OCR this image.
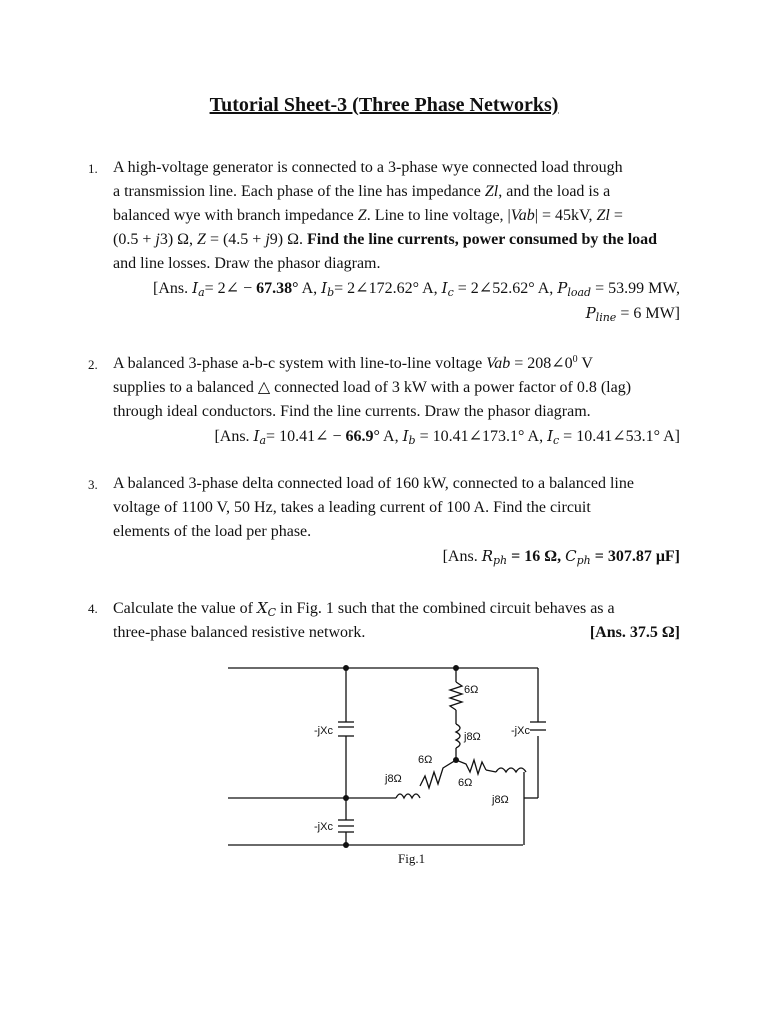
Tutorial Sheet-3 (Three Phase Networks)
1. A high-voltage generator is connected to a 3-phase wye connected load through
a transmission line. Each phase of the line has impedance Zl, and the load is a
balanced wye with branch impedance Z. Line to line voltage, |Vab| = 45kV, Zl =
(0.5 + j3) Ω, Z = (4.5 + j9) Ω. Find the line currents, power consumed by the load
and line losses. Draw the phasor diagram.
[Ans. $I_a=$ 2∠ − 67.38° A, $I_b=$ 2∠172.62° A, $I_c$ = 2∠52.62° A, $P_{load} = 53.99$ MW,
$P_{line} = 6$ MW]
2. A balanced 3-phase a-b-c system with line-to-line voltage Vab = $208\angle 0^0$ V
supplies to a balanced △ connected load of 3 kW with a power factor of 0.8 (lag)
through ideal conductors. Find the line currents. Draw the phasor diagram.
[Ans. $I_a=$ 10.41∠ − 66.9° A, $I_b$ = 10.41∠173.1° A, $I_c$ = 10.41∠53.1° A]
3. A balanced 3-phase delta connected load of 160 kW, connected to a balanced line
voltage of 1100 V, 50 Hz, takes a leading current of 100 A. Find the circuit
elements of the load per phase.
[Ans. $R_{ph} = 16$ Ω, $C_{ph} = 307.87$ μF]
4. Calculate the value of $X_C$ in Fig. 1 such that the combined circuit behaves as a
three-phase balanced resistive network.	[Ans. 37.5 Ω]
6Ω
j8Ω
6Ω
j8Ω	6Ω
j8Ω
-jXc	-jXc
-jXc
Fig.1
